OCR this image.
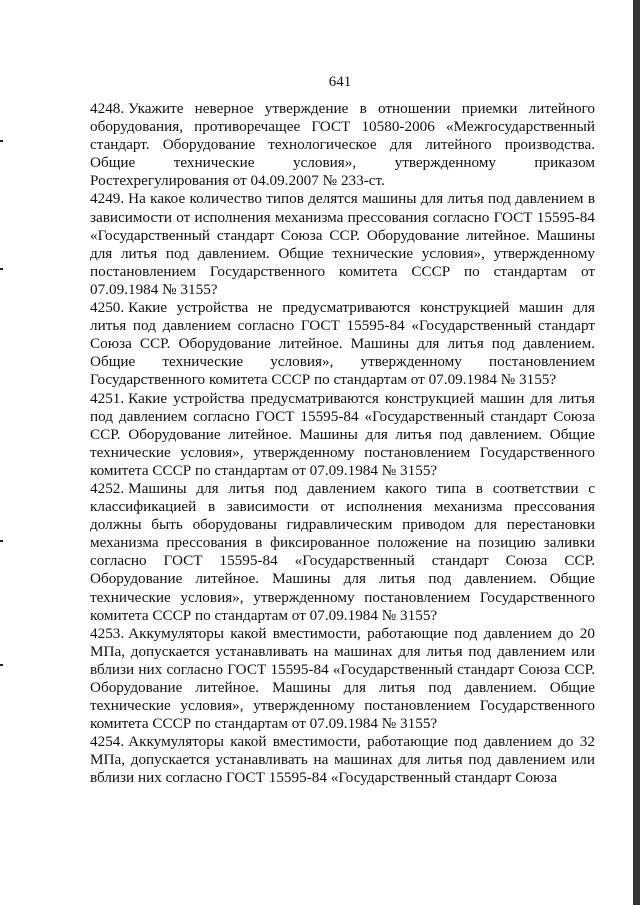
641

4248. Укажите неверное утверждение в отношении приемки литейного оборудования, противоречащее ГОСТ 10580-2006 «Межгосударственный стандарт. Оборудование технологическое для литейного производства. Общие технические условия», утвержденному приказом Ростехрегулирования от 04.09.2007 № 233-ст.

4249. На какое количество типов делятся машины для литья под давлением в зависимости от исполнения механизма прессования согласно ГОСТ 15595-84 «Государственный стандарт Союза ССР. Оборудование литейное. Машины для литья под давлением. Общие технические условия», утвержденному постановлением Государственного комитета СССР по стандартам от 07.09.1984 № 3155?

4250. Какие устройства не предусматриваются конструкцией машин для литья под давлением согласно ГОСТ 15595-84 «Государственный стандарт Союза ССР. Оборудование литейное. Машины для литья под давлением. Общие технические условия», утвержденному постановлением Государственного комитета СССР по стандартам от 07.09.1984 № 3155?

4251. Какие устройства предусматриваются конструкцией машин для литья под давлением согласно ГОСТ 15595-84 «Государственный стандарт Союза ССР. Оборудование литейное. Машины для литья под давлением. Общие технические условия», утвержденному постановлением Государственного комитета СССР по стандартам от 07.09.1984 № 3155?

4252. Машины для литья под давлением какого типа в соответствии с классификацией в зависимости от исполнения механизма прессования должны быть оборудованы гидравлическим приводом для перестановки механизма прессования в фиксированное положение на позицию заливки согласно ГОСТ 15595-84 «Государственный стандарт Союза ССР. Оборудование литейное. Машины для литья под давлением. Общие технические условия», утвержденному постановлением Государственного комитета СССР по стандартам от 07.09.1984 № 3155?

4253. Аккумуляторы какой вместимости, работающие под давлением до 20 МПа, допускается устанавливать на машинах для литья под давлением или вблизи них согласно ГОСТ 15595-84 «Государственный стандарт Союза ССР. Оборудование литейное. Машины для литья под давлением. Общие технические условия», утвержденному постановлением Государственного комитета СССР по стандартам от 07.09.1984 № 3155?

4254. Аккумуляторы какой вместимости, работающие под давлением до 32 МПа, допускается устанавливать на машинах для литья под давлением или вблизи них согласно ГОСТ 15595-84 «Государственный стандарт Союза
